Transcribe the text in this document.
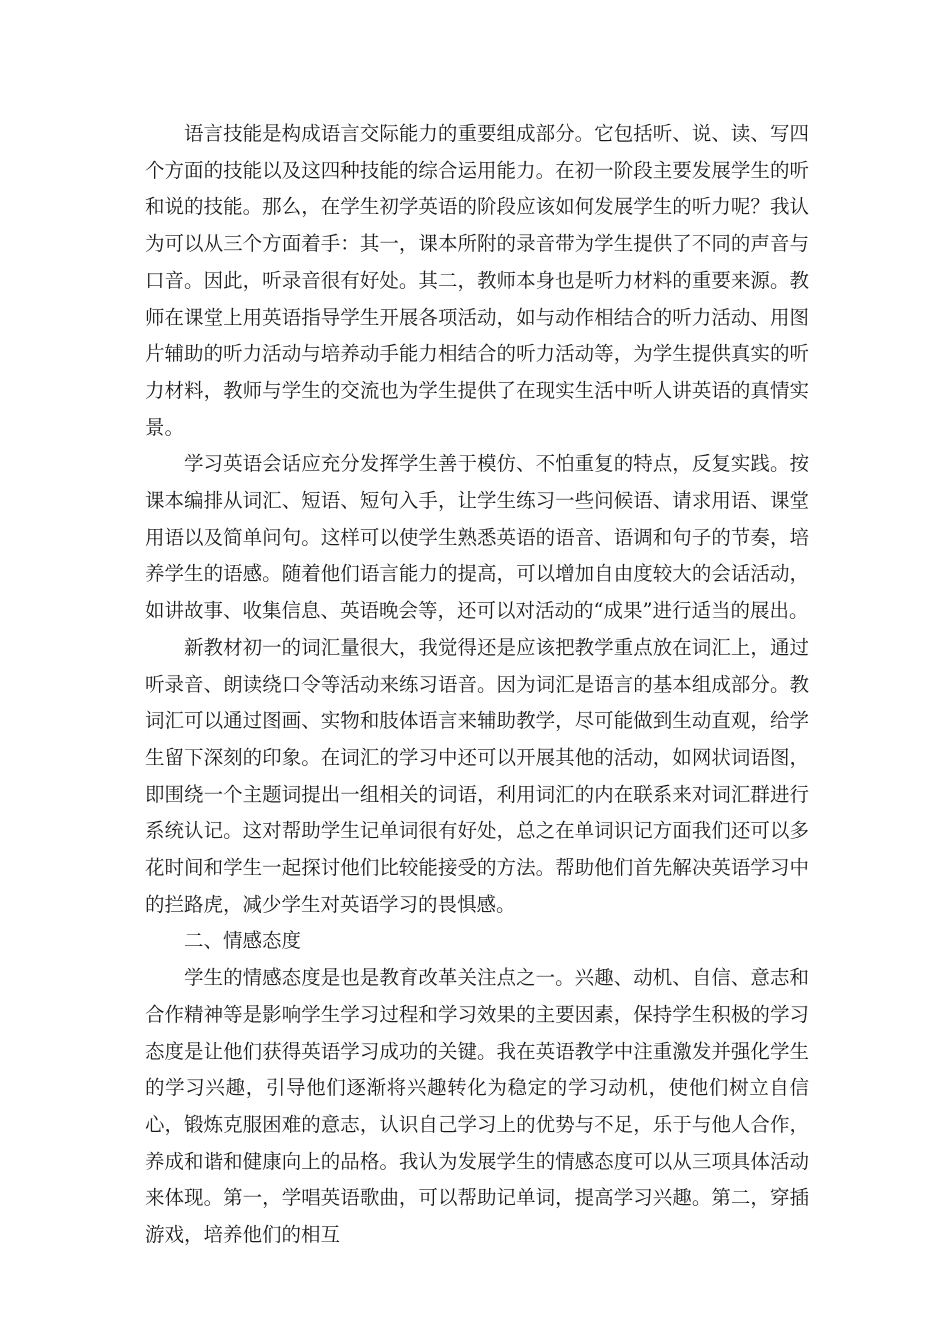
语言技能是构成语言交际能力的重要组成部分。它包括听、说、读、写四个方面的技能以及这四种技能的综合运用能力。在初一阶段主要发展学生的听和说的技能。那么，在学生初学英语的阶段应该如何发展学生的听力呢？我认为可以从三个方面着手：其一，课本所附的录音带为学生提供了不同的声音与口音。因此，听录音很有好处。其二，教师本身也是听力材料的重要来源。教师在课堂上用英语指导学生开展各项活动，如与动作相结合的听力活动、用图片辅助的听力活动与培养动手能力相结合的听力活动等，为学生提供真实的听力材料，教师与学生的交流也为学生提供了在现实生活中听人讲英语的真情实景。

学习英语会话应充分发挥学生善于模仿、不怕重复的特点，反复实践。按课本编排从词汇、短语、短句入手，让学生练习一些问候语、请求用语、课堂用语以及简单问句。这样可以使学生熟悉英语的语音、语调和句子的节奏，培养学生的语感。随着他们语言能力的提高，可以增加自由度较大的会话活动，如讲故事、收集信息、英语晚会等，还可以对活动的“成果”进行适当的展出。

新教材初一的词汇量很大，我觉得还是应该把教学重点放在词汇上，通过听录音、朗读绕口令等活动来练习语音。因为词汇是语言的基本组成部分。教词汇可以通过图画、实物和肢体语言来辅助教学，尽可能做到生动直观，给学生留下深刻的印象。在词汇的学习中还可以开展其他的活动，如网状词语图，即围绕一个主题词提出一组相关的词语，利用词汇的内在联系来对词汇群进行系统认记。这对帮助学生记单词很有好处，总之在单词识记方面我们还可以多花时间和学生一起探讨他们比较能接受的方法。帮助他们首先解决英语学习中的拦路虎，减少学生对英语学习的畏惧感。

二、情感态度

学生的情感态度是也是教育改革关注点之一。兴趣、动机、自信、意志和合作精神等是影响学生学习过程和学习效果的主要因素，保持学生积极的学习态度是让他们获得英语学习成功的关键。我在英语教学中注重激发并强化学生的学习兴趣，引导他们逐渐将兴趣转化为稳定的学习动机，使他们树立自信心，锻炼克服困难的意志，认识自己学习上的优势与不足，乐于与他人合作，养成和谐和健康向上的品格。我认为发展学生的情感态度可以从三项具体活动来体现。第一，学唱英语歌曲，可以帮助记单词，提高学习兴趣。第二，穿插游戏，培养他们的相互
